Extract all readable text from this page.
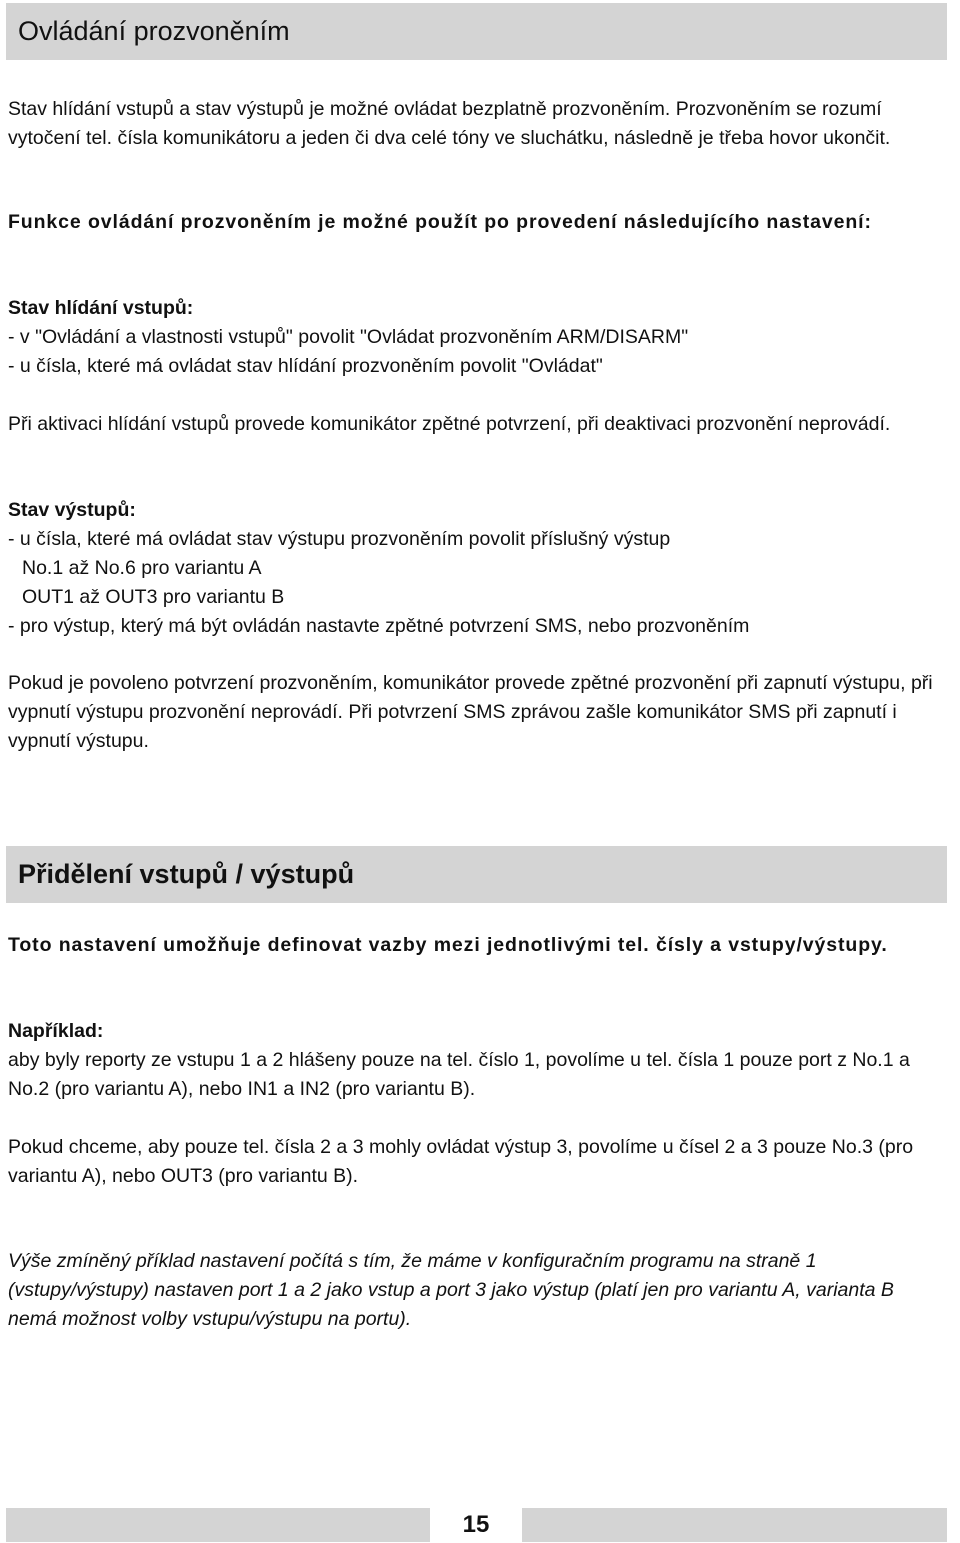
Ovládání prozvoněním

Stav hlídání vstupů a stav výstupů je možné ovládat bezplatně prozvoněním. Prozvoněním se rozumí vytočení tel. čísla komunikátoru a jeden či dva celé tóny ve sluchátku, následně je třeba hovor ukončit.

Funkce ovládání prozvoněním je možné použít po provedení následujícího nastavení:

Stav hlídání vstupů:

- v "Ovládání a vlastnosti vstupů" povolit "Ovládat prozvoněním ARM/DISARM"

- u čísla, které má ovládat stav hlídání prozvoněním povolit "Ovládat"

Při aktivaci hlídání vstupů provede komunikátor zpětné potvrzení, při deaktivaci prozvonění neprovádí.

Stav výstupů:

- u čísla, které má ovládat stav výstupu prozvoněním povolit příslušný výstup

No.1 až No.6 pro variantu A

OUT1 až OUT3 pro variantu B

- pro výstup, který má být ovládán nastavte zpětné potvrzení SMS, nebo prozvoněním

Pokud je povoleno potvrzení prozvoněním, komunikátor provede zpětné prozvonění při zapnutí výstupu, při vypnutí výstupu prozvonění neprovádí. Při potvrzení SMS zprávou zašle komunikátor SMS při zapnutí i vypnutí výstupu.

Přidělení vstupů / výstupů

Toto nastavení umožňuje definovat vazby mezi jednotlivými tel. čísly a vstupy/výstupy.

Například:

aby byly reporty ze vstupu 1 a 2 hlášeny pouze na tel. číslo 1, povolíme u tel. čísla 1 pouze port z No.1 a No.2 (pro variantu A), nebo IN1 a IN2 (pro variantu B).

Pokud chceme, aby pouze tel. čísla 2 a 3 mohly ovládat výstup 3, povolíme u čísel 2 a 3 pouze No.3 (pro variantu A), nebo OUT3 (pro variantu B).

Výše zmíněný příklad nastavení počítá s tím, že máme v konfiguračním programu na straně 1 (vstupy/výstupy) nastaven port 1 a 2 jako vstup a port 3 jako výstup (platí jen pro variantu A, varianta B nemá možnost volby vstupu/výstupu na portu).

15
